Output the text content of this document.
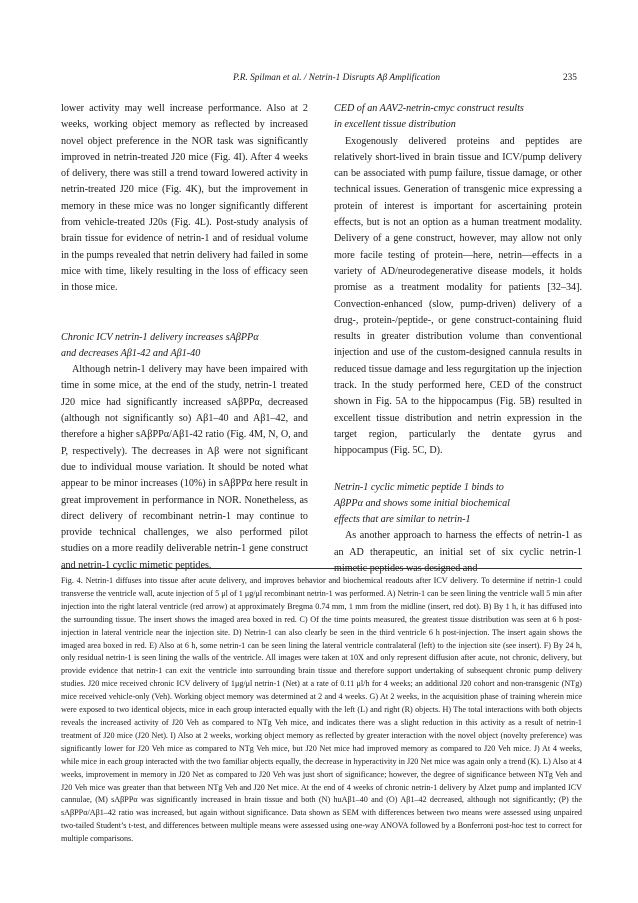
P.R. Spilman et al. / Netrin-1 Disrupts Aβ Amplification	235

lower activity may well increase performance. Also at 2 weeks, working object memory as reflected by increased novel object preference in the NOR task was significantly improved in netrin-treated J20 mice (Fig. 4I). After 4 weeks of delivery, there was still a trend toward lowered activity in netrin-treated J20 mice (Fig. 4K), but the improvement in memory in these mice was no longer significantly different from vehicle-treated J20s (Fig. 4L). Post-study analysis of brain tissue for evidence of netrin-1 and of residual volume in the pumps revealed that netrin delivery had failed in some mice with time, likely resulting in the loss of efficacy seen in those mice.

Chronic ICV netrin-1 delivery increases sAβPPα
and decreases Aβ1-42 and Aβ1-40

Although netrin-1 delivery may have been impaired with time in some mice, at the end of the study, netrin-1 treated J20 mice had significantly increased sAβPPα, decreased (although not significantly so) Aβ1–40 and Aβ1–42, and therefore a higher sAβPPα/Aβ1-42 ratio (Fig. 4M, N, O, and P, respectively). The decreases in Aβ were not significant due to individual mouse variation. It should be noted what appear to be minor increases (10%) in sAβPPα here result in great improvement in performance in NOR. Nonetheless, as direct delivery of recombinant netrin-1 may continue to provide technical challenges, we also performed pilot studies on a more readily deliverable netrin-1 gene construct and netrin-1 cyclic mimetic peptides.

CED of an AAV2-netrin-cmyc construct results
in excellent tissue distribution

Exogenously delivered proteins and peptides are relatively short-lived in brain tissue and ICV/pump delivery can be associated with pump failure, tissue damage, or other technical issues. Generation of transgenic mice expressing a protein of interest is important for ascertaining protein effects, but is not an option as a human treatment modality. Delivery of a gene construct, however, may allow not only more facile testing of protein—here, netrin—effects in a variety of AD/neurodegenerative disease models, it holds promise as a treatment modality for patients [32–34]. Convection-enhanced (slow, pump-driven) delivery of a drug-, protein-/peptide-, or gene construct-containing fluid results in greater distribution volume than conventional injection and use of the custom-designed cannula results in reduced tissue damage and less regurgitation up the injection track. In the study performed here, CED of the construct shown in Fig. 5A to the hippocampus (Fig. 5B) resulted in excellent tissue distribution and netrin expression in the target region, particularly the dentate gyrus and hippocampus (Fig. 5C, D).

Netrin-1 cyclic mimetic peptide 1 binds to
AβPPα and shows some initial biochemical
effects that are similar to netrin-1

As another approach to harness the effects of netrin-1 as an AD therapeutic, an initial set of six cyclic netrin-1 mimetic peptides was designed and

Fig. 4. Netrin-1 diffuses into tissue after acute delivery, and improves behavior and biochemical readouts after ICV delivery. To determine if netrin-1 could transverse the ventricle wall, acute injection of 5 μl of 1 μg/μl recombinant netrin-1 was performed. A) Netrin-1 can be seen lining the ventricle wall 5 min after injection into the right lateral ventricle (red arrow) at approximately Bregma 0.74 mm, 1 mm from the midline (insert, red dot). B) By 1 h, it has diffused into the surrounding tissue. The insert shows the imaged area boxed in red. C) Of the time points measured, the greatest tissue distribution was seen at 6 h post-injection in lateral ventricle near the injection site. D) Netrin-1 can also clearly be seen in the third ventricle 6 h post-injection. The insert again shows the imaged area boxed in red. E) Also at 6 h, some netrin-1 can be seen lining the lateral ventricle contralateral (left) to the injection site (see insert). F) By 24 h, only residual netrin-1 is seen lining the walls of the ventricle. All images were taken at 10X and only represent diffusion after acute, not chronic, delivery, but provide evidence that netrin-1 can exit the ventricle into surrounding brain tissue and therefore support undertaking of subsequent chronic pump delivery studies. J20 mice received chronic ICV delivery of 1μg/μl netrin-1 (Net) at a rate of 0.11 μl/h for 4 weeks; an additional J20 cohort and non-transgenic (NTg) mice received vehicle-only (Veh). Working object memory was determined at 2 and 4 weeks. G) At 2 weeks, in the acquisition phase of training wherein mice were exposed to two identical objects, mice in each group interacted equally with the left (L) and right (R) objects. H) The total interactions with both objects reveals the increased activity of J20 Veh as compared to NTg Veh mice, and indicates there was a slight reduction in this activity as a result of netrin-1 treatment of J20 mice (J20 Net). I) Also at 2 weeks, working object memory as reflected by greater interaction with the novel object (novelty preference) was significantly lower for J20 Veh mice as compared to NTg Veh mice, but J20 Net mice had improved memory as compared to J20 Veh mice. J) At 4 weeks, while mice in each group interacted with the two familiar objects equally, the decrease in hyperactivity in J20 Net mice was again only a trend (K). L) Also at 4 weeks, improvement in memory in J20 Net as compared to J20 Veh was just short of significance; however, the degree of significance between NTg Veh and J20 Veh mice was greater than that between NTg Veh and J20 Net mice. At the end of 4 weeks of chronic netrin-1 delivery by Alzet pump and implanted ICV cannulae, (M) sAβPPα was significantly increased in brain tissue and both (N) huAβ1–40 and (O) Aβ1–42 decreased, although not significantly; (P) the sAβPPα/Aβ1–42 ratio was increased, but again without significance. Data shown as SEM with differences between two means were assessed using unpaired two-tailed Student’s t-test, and differences between multiple means were assessed using one-way ANOVA followed by a Bonferroni post-hoc test to correct for multiple comparisons.
